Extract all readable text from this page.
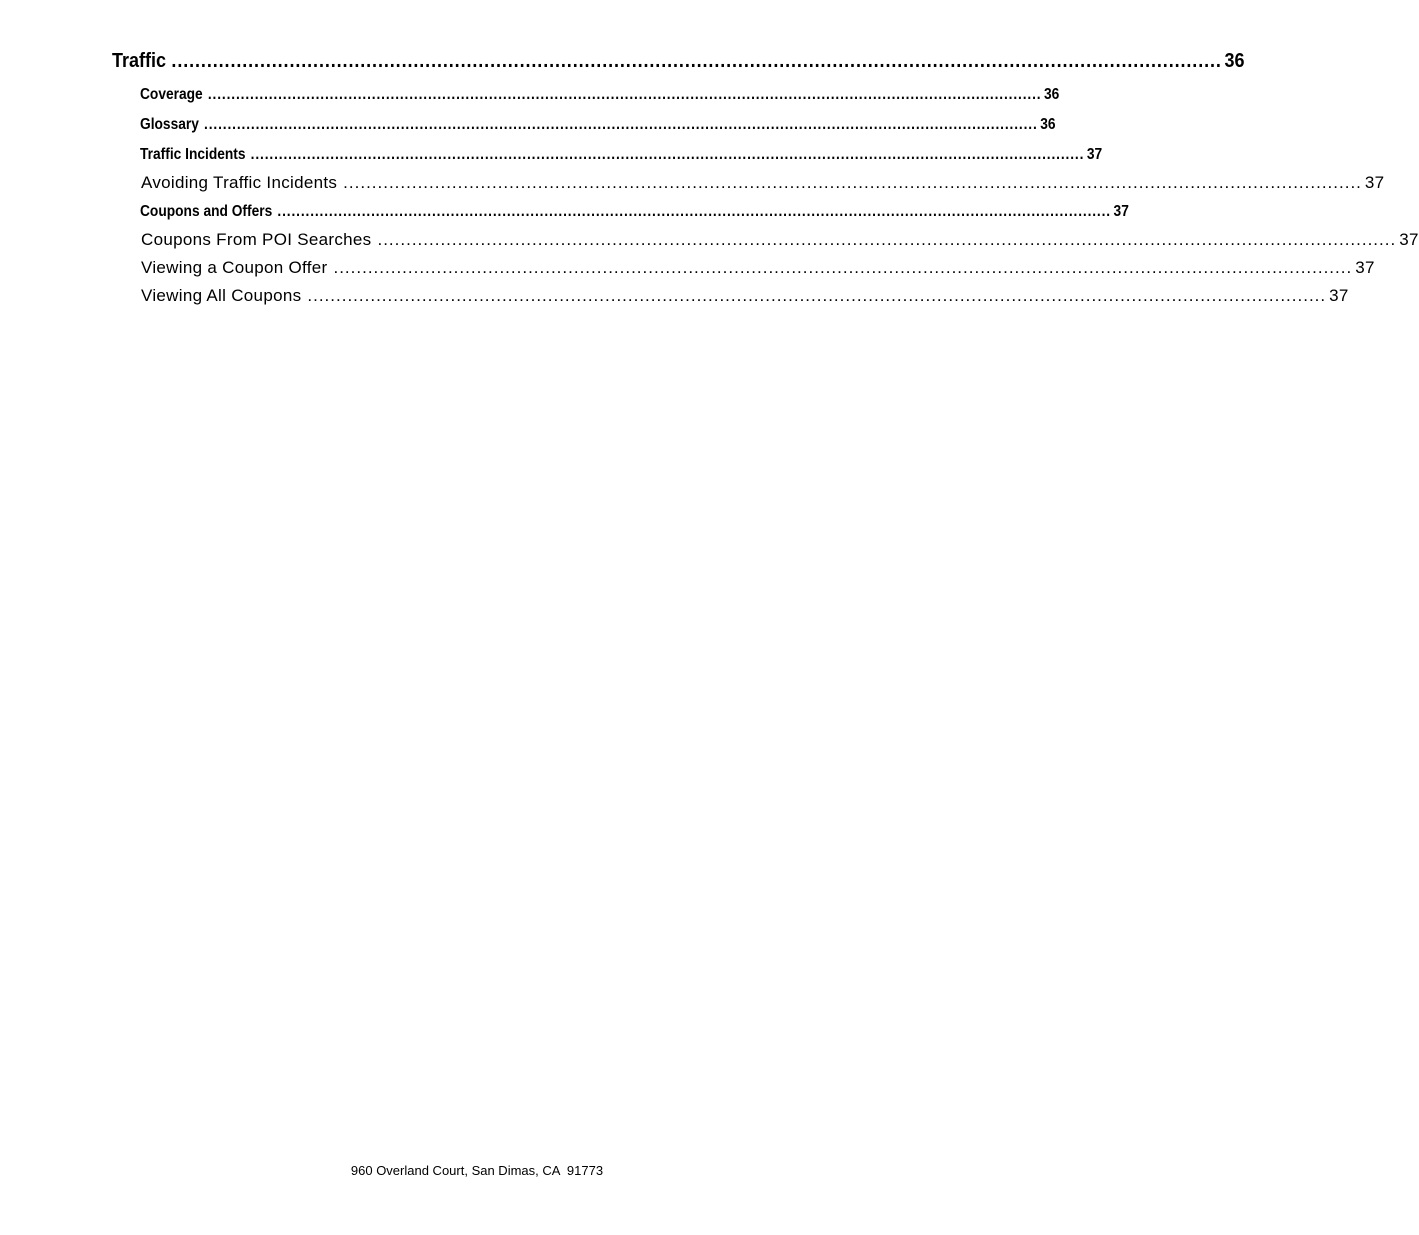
Traffic .................................................................................................................................................................................. 36
Coverage .................................................................................................................................................................................. 36
Glossary .................................................................................................................................................................................. 36
Traffic Incidents .................................................................................................................................................................................. 37
Avoiding Traffic Incidents .................................................................................................................................................................................. 37
Coupons and Offers .................................................................................................................................................................................. 37
Coupons From POI Searches .................................................................................................................................................................................. 37
Viewing a Coupon Offer .................................................................................................................................................................................. 37
Viewing All Coupons .................................................................................................................................................................................. 37
960 Overland Court, San Dimas, CA  91773
